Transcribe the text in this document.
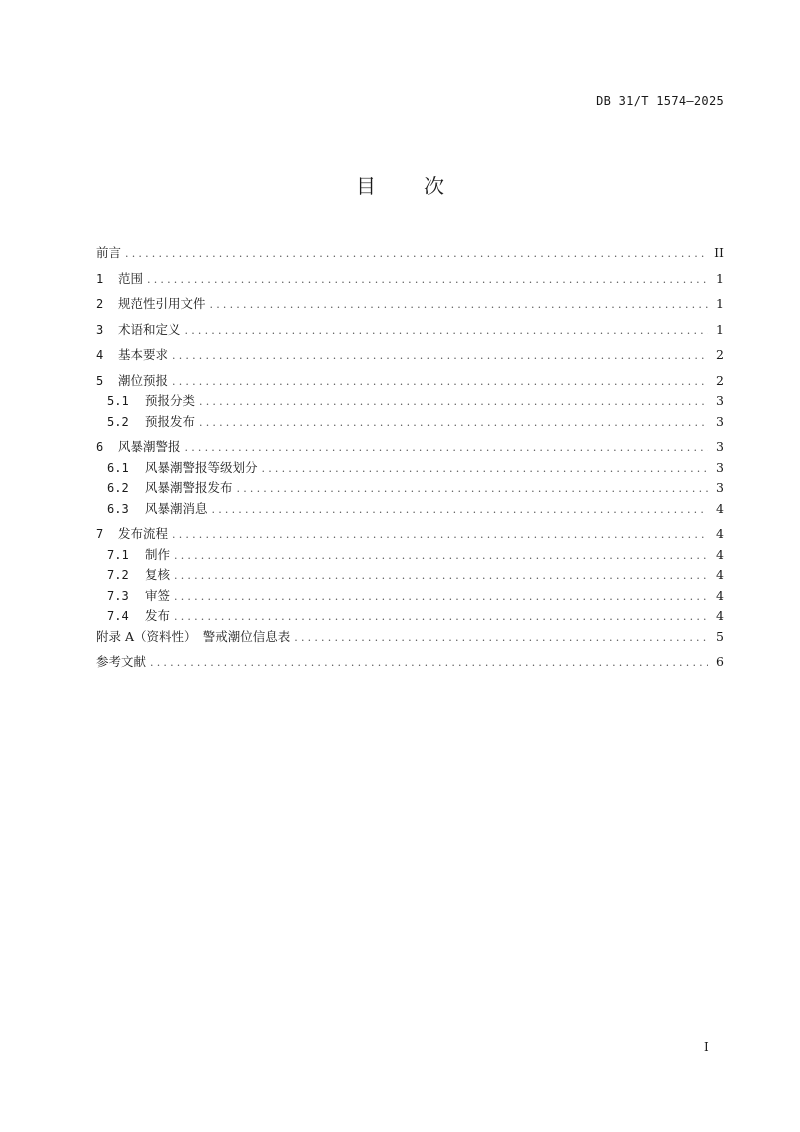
DB 31/T 1574—2025
目 次
前言 .....	II
1	范围 .....	1
2	规范性引用文件 .....	1
3	术语和定义 .....	1
4	基本要求 .....	2
5	潮位预报 .....	2
5.1	预报分类 .....	3
5.2	预报发布 .....	3
6	风暴潮警报 .....	3
6.1	风暴潮警报等级划分 .....	3
6.2	风暴潮警报发布 .....	3
6.3	风暴潮消息 .....	4
7	发布流程 .....	4
7.1	制作 .....	4
7.2	复核 .....	4
7.3	审签 .....	4
7.4	发布 .....	4
附录 A（资料性）　警戒潮位信息表 .....	5
参考文献 .....	6
I
